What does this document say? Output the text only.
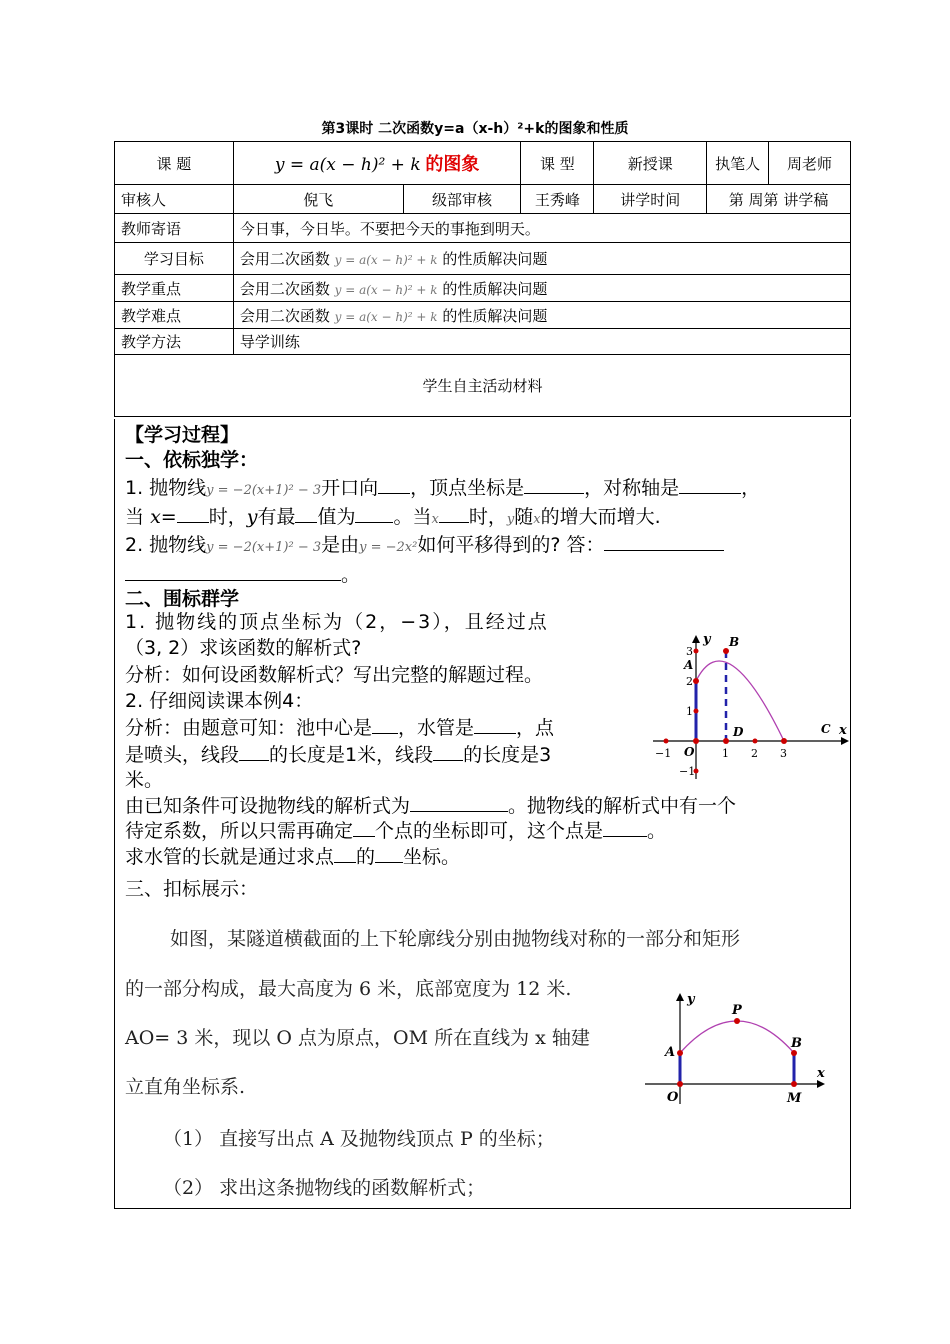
第3课时 二次函数y=a（x-h）²+k的图象和性质
课 题	y = a(x − h)² + k 的图象		课 型	新授课	执笔人	周老师
审核人	倪飞	级部审核	王秀峰	讲学时间	第 周第 讲学稿	
教师寄语	今日事，今日毕。不要把今天的事拖到明天。					
学习目标	会用二次函数 y = a(x − h)² + k 的性质解决问题					
教学重点	会用二次函数 y = a(x − h)² + k 的性质解决问题					
教学难点	会用二次函数 y = a(x − h)² + k 的性质解决问题					
教学方法	导学训练					
学生自主活动材料						
【学习过程】
一、依标独学：
1. 抛物线y = −2(x+1)² − 3开口向 ，顶点坐标是	，对称轴是	，
当 x= 时，y有最 值为 。当x 时，y随x的增大而增大.
2. 抛物线y = −2(x+1)² − 3是由y = −2x²如何平移得到的? 答：
。
二、围标群学
1. 抛物线的顶点坐标为（2，−3），且经过点
（3, 2）求该函数的解析式?
分析：如何设函数解析式？写出完整的解题过程。
2. 仔细阅读课本例4：
分析：由题意可知：池中心是 ，水管是 ，点
是喷头，线段 的长度是1米，线段 的长度是3
米。
由已知条件可设抛物线的解析式为	。抛物线的解析式中有一个
待定系数，所以只需再确定 个点的坐标即可，这个点是 。
求水管的长就是通过求点 的 坐标。
三、扣标展示：
如图，某隧道横截面的上下轮廓线分别由抛物线对称的一部分和矩形
的一部分构成，最大高度为 6 米，底部宽度为 12 米.
AO= 3 米，现以 O 点为原点，OM 所在直线为 x 轴建
立直角坐标系.
（1） 直接写出点 A 及抛物线顶点 P 的坐标；
（2） 求出这条抛物线的函数解析式；
y
x
A
B
C
D
O
3
2
1
−1
−1	1 2 3
y
x
A
P
B
O	M
